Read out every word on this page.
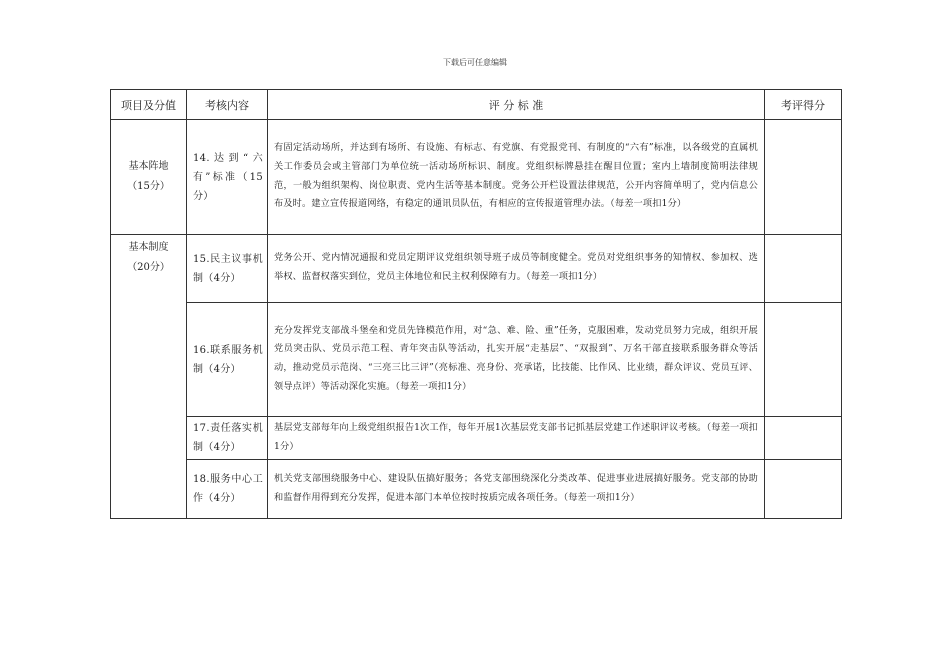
下载后可任意编辑
项目及分值	考核内容	评 分 标 准	考评得分

基本阵地
（15分）	14.达到“六有”标准（15分）	有固定活动场所，并达到有场所、有设施、有标志、有党旗、有党报党刊、有制度的“六有”标准，以各级党的直属机关工作委员会或主管部门为单位统一活动场所标识、制度。党组织标牌悬挂在醒目位置；室内上墙制度简明法律规范，一般为组织架构、岗位职责、党内生活等基本制度。党务公开栏设置法律规范，公开内容简单明了，党内信息公布及时。建立宣传报道网络，有稳定的通讯员队伍，有相应的宣传报道管理办法。（每差一项扣1分）	

基本制度
（20分）	15.民主议事机制（4分）	党务公开、党内情况通报和党员定期评议党组织领导班子成员等制度健全。党员对党组织事务的知情权、参加权、选举权、监督权落实到位，党员主体地位和民主权利保障有力。（每差一项扣1分）	
	16.联系服务机制（4分）	充分发挥党支部战斗堡垒和党员先锋模范作用，对“急、难、险、重”任务，克服困难，发动党员努力完成，组织开展党员突击队、党员示范工程、青年突击队等活动，扎实开展“走基层”、“双报到”、万名干部直接联系服务群众等活动，推动党员示范岗、“三亮三比三评”（亮标准、亮身份、亮承诺，比技能、比作风、比业绩，群众评议、党员互评、领导点评）等活动深化实施。（每差一项扣1分）	
	17.责任落实机制（4分）	基层党支部每年向上级党组织报告1次工作，每年开展1次基层党支部书记抓基层党建工作述职评议考核。（每差一项扣1分）	
	18.服务中心工作（4分）	机关党支部围绕服务中心、建设队伍搞好服务；各党支部围绕深化分类改革、促进事业进展搞好服务。党支部的协助和监督作用得到充分发挥，促进本部门本单位按时按质完成各项任务。（每差一项扣1分）	
